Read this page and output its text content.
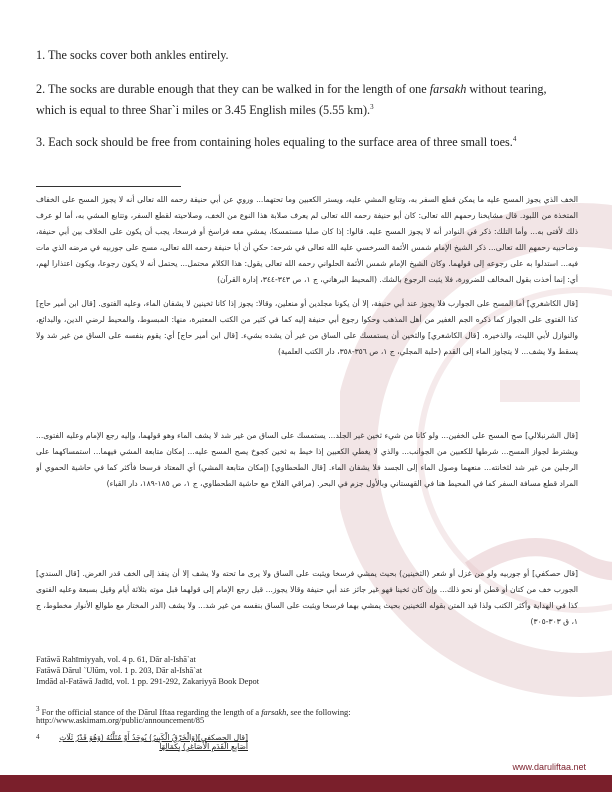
1. The socks cover both ankles entirely.
2. The socks are durable enough that they can be walked in for the length of one farsakh without tearing, which is equal to three Shar`i miles or 3.45 English miles (5.55 km).$^3$
3. Each sock should be free from containing holes equaling to the surface area of three small toes.$^4$
الخف الذي يجوز المسح عليه ما يمكن قطع السفر به، وتتابع المشي عليه، ويستر الكعبين وما تحتهما... وروي عن أبي حنيفة رحمه الله تعالى أنه لا يجوز المسح على الخفاف المتخذة من اللبود. قال مشايخنا رحمهم الله تعالى: كان أبو حنيفة رحمه الله تعالى لم يعرف صلابة هذا النوع من الخف، وصلاحيته لقطع السفر، وتتابع المشي به، أما لو عرف ذلك لأفتى به... وأما التلك: ذكر في النوادر أنه لا يجوز المسح عليه. قالوا: إذا كان صلبا مستمسكا، يمشي معه فراسخ أو فرسخا، يجب أن يكون على الخلاف بين أبي حنيفة، وصاحبيه رحمهم الله تعالى... ذكر الشيخ الإمام شمس الأئمة السرخسي عليه الله تعالى في شرحه: حكي أن أبا حنيفة رحمه الله تعالى، مسح على جوربيه في مرضه الذي مات فيه... استدلوا به على رجوعه إلى قولهما. وكان الشيخ الإمام شمس الأئمة الحلواني رحمه الله تعالى يقول: هذا الكلام محتمل... يحتمل أنه لا يكون رجوعا، ويكون اعتذارا لهم، أي: إنما أخذت بقول المخالف للضرورة، فلا يثبت الرجوع بالشك. (المحيط البرهاني، ج ١، ص ٣٤٣-٣٤٤، إدارة القرآن)
[قال الكاشغري] أما المسح على الجوارب فلا يجوز عند أبي حنيفة، إلا أن يكونا مجلدين أو منعلين، وقالا: يجوز إذا كانا ثخينين لا يشفان الماء، وعليه الفتوى. [قال ابن أمير حاج] كذا الفتوى على الجواز كما ذكره الجم الغفير من أهل المذهب وحكوا رجوع أبي حنيفة إليه كما في كثير من الكتب المعتبرة، منها: المبسوط، والمحيط لرضي الدين، والبدائع، والنوازل لأبي الليث، والذخيرة. [قال الكاشغري] والثخين أن يستمسك على الساق من غير أن يشده بشيء. [قال ابن أمير حاج] أي: يقوم بنفسه على الساق من غير شد ولا يسقط ولا يشف... لا يتجاوز الماء إلى القدم (حلبة المجلي، ج ١، ص ٣٥٦-٣٥٨، دار الكتب العلمية)
[قال الشرنبلالي] صح المسح على الخفين... ولو كانا من شيء ثخين غير الجلد... يستمسك على الساق من غير شد لا يشف الماء وهو قولهما، وإليه رجع الإمام وعليه الفتوى... ويشترط لجواز المسح... شرطها للكعبين من الجوانب... والذي لا يغطي الكعبين إذا خيط به ثخين كجوخ يصح المسح عليه... إمكان متابعة المشي فيهما... استمساكهما على الرجلين من غير شد لثخانته... منعهما وصول الماء إلى الجسد فلا يشفان الماء. [قال الطحطاوي] (إمكان متابعة المشي) أي المعتاد فرسخا فأكثر كما في حاشية الحموي أو المراد قطع مسافة السفر كما في المحيط هنا في القهستاني وبالأول جزم في البحر. (مراقي الفلاح مع حاشية الطحطاوي، ج ١، ص ١٨٥-١٨٩، دار القباء)
[قال حصكفي] أو جوربيه ولو من غزل أو شعر (الثخينين) بحيث يمشي فرسخا ويثبت على الساق ولا يرى ما تحته ولا يشف إلا أن ينفذ إلى الخف قدر الغرض. [قال السندي] الجورب خف من كتان أو قطن أو نحو ذلك... وإن كان ثخينا فهو غير جائز عند أبي حنيفة وقالا يجوز... قيل رجع الإمام إلى قولهما قبل موته بثلاثة أيام وقيل بسبعة وعليه الفتوى كذا في الهداية وأكثر الكتب ولذا قيد المتن بقوله الثخينين بحيث يمشي بهما فرسخا ويثبت على الساق بنفسه من غير شد... ولا يشف (الدر المختار مع طوالع الأنوار مخطوط، ج ١، ق ٣٠٣-٣٠٥)
Fatāwā Rahīmiyyah, vol. 4 p. 61, Dār al-Ishā`at
Fatāwā Dārul `Ulūm, vol. 1 p. 203, Dār al-Ishā`at
Imdād al-Fatāwā Jadīd, vol. 1 pp. 291-292, Zakariyyā Book Depot
$^3$ For the official stance of the Dārul Iftaa regarding the length of a farsakh, see the following:
http://www.askimam.org/public/announcement/85
4	[قال الحصكفي](وَالْخَرْقُ الْكَبِيرُ) يُوجَدُ أَوْ مُتَلَّتُهُ (وَهُوَ قَدْرُ ثَلَاثِ أَصَابِعِ الْقَدَمِ الْأَصَاغِرِ) بِكَمَالِهَا
www.daruliftaa.net
